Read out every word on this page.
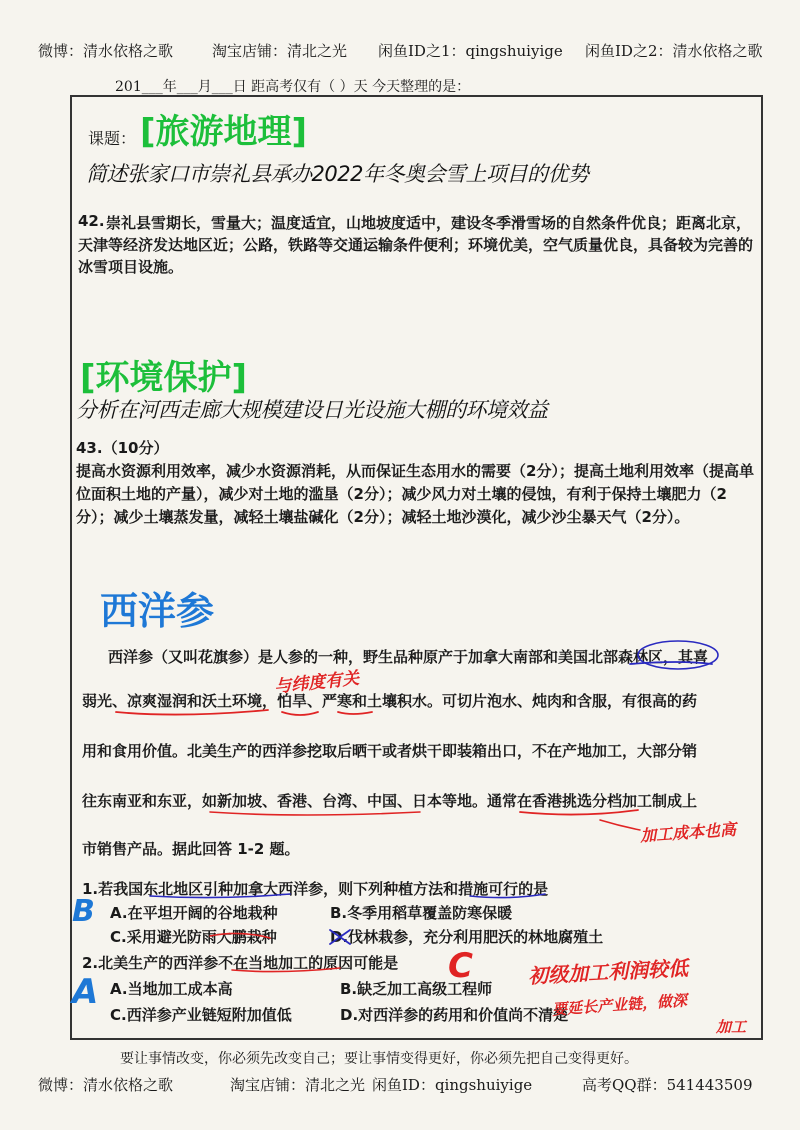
微博：清水依格之歌	淘宝店铺：清北之光 闲鱼ID之1：qingshuiyige 闲鱼ID之2：清水依格之歌
201___年___月___日 距高考仅有（ ）天 今天整理的是：
课题： [旅游地理]
简述张家口市崇礼县承办2022年冬奥会雪上项目的优势
42. 崇礼县雪期长，雪量大；温度适宜，山地坡度适中，建设冬季滑雪场的自然条件优良；距离北京，天津等经济发达地区近；公路，铁路等交通运输条件便利；环境优美，空气质量优良，具备较为完善的冰雪项目设施。
[环境保护]
分析在河西走廊大规模建设日光设施大棚的环境效益
43.（10分）
提高水资源利用效率，减少水资源消耗，从而保证生态用水的需要（2分）；提高土地利用效率（提高单位面积土地的产量），减少对土地的滥垦（2分）；减少风力对土壤的侵蚀，有利于保持土壤肥力（2分）；减少土壤蒸发量，减轻土壤盐碱化（2分）；减轻土地沙漠化，减少沙尘暴天气（2分）。
西洋参
西洋参（又叫花旗参）是人参的一种，野生品种原产于加拿大南部和美国北部森林区，其喜
弱光、凉爽湿润和沃土环境，怕旱、严寒和土壤积水。可切片泡水、炖肉和含服，有很高的药
用和食用价值。北美生产的西洋参挖取后晒干或者烘干即装箱出口，不在产地加工，大部分销
往东南亚和东亚，如新加坡、香港、台湾、中国、日本等地。通常在香港挑选分档加工制成上
市销售产品。据此回答 1-2 题。
1.若我国东北地区引种加拿大西洋参，则下列种植方法和措施可行的是
A.在平坦开阔的谷地栽种	B.冬季用稻草覆盖防寒保暖
C.采用避光防雨大鹏栽种	D.伐林栽参，充分利用肥沃的林地腐殖土
2.北美生产的西洋参不在当地加工的原因可能是
A.当地加工成本高	B.缺乏加工高级工程师
C.西洋参产业链短附加值低	D.对西洋参的药用和价值尚不清楚
与纬度有关
加工成本也高
B
A
C	初级加工利润较低
要延长产业链，做深
加工
要让事情改变，你必须先改变自己；要让事情变得更好，你必须先把自己变得更好。
微博：清水依格之歌	淘宝店铺：清北之光 闲鱼ID：qingshuiyige	高考QQ群：541443509
